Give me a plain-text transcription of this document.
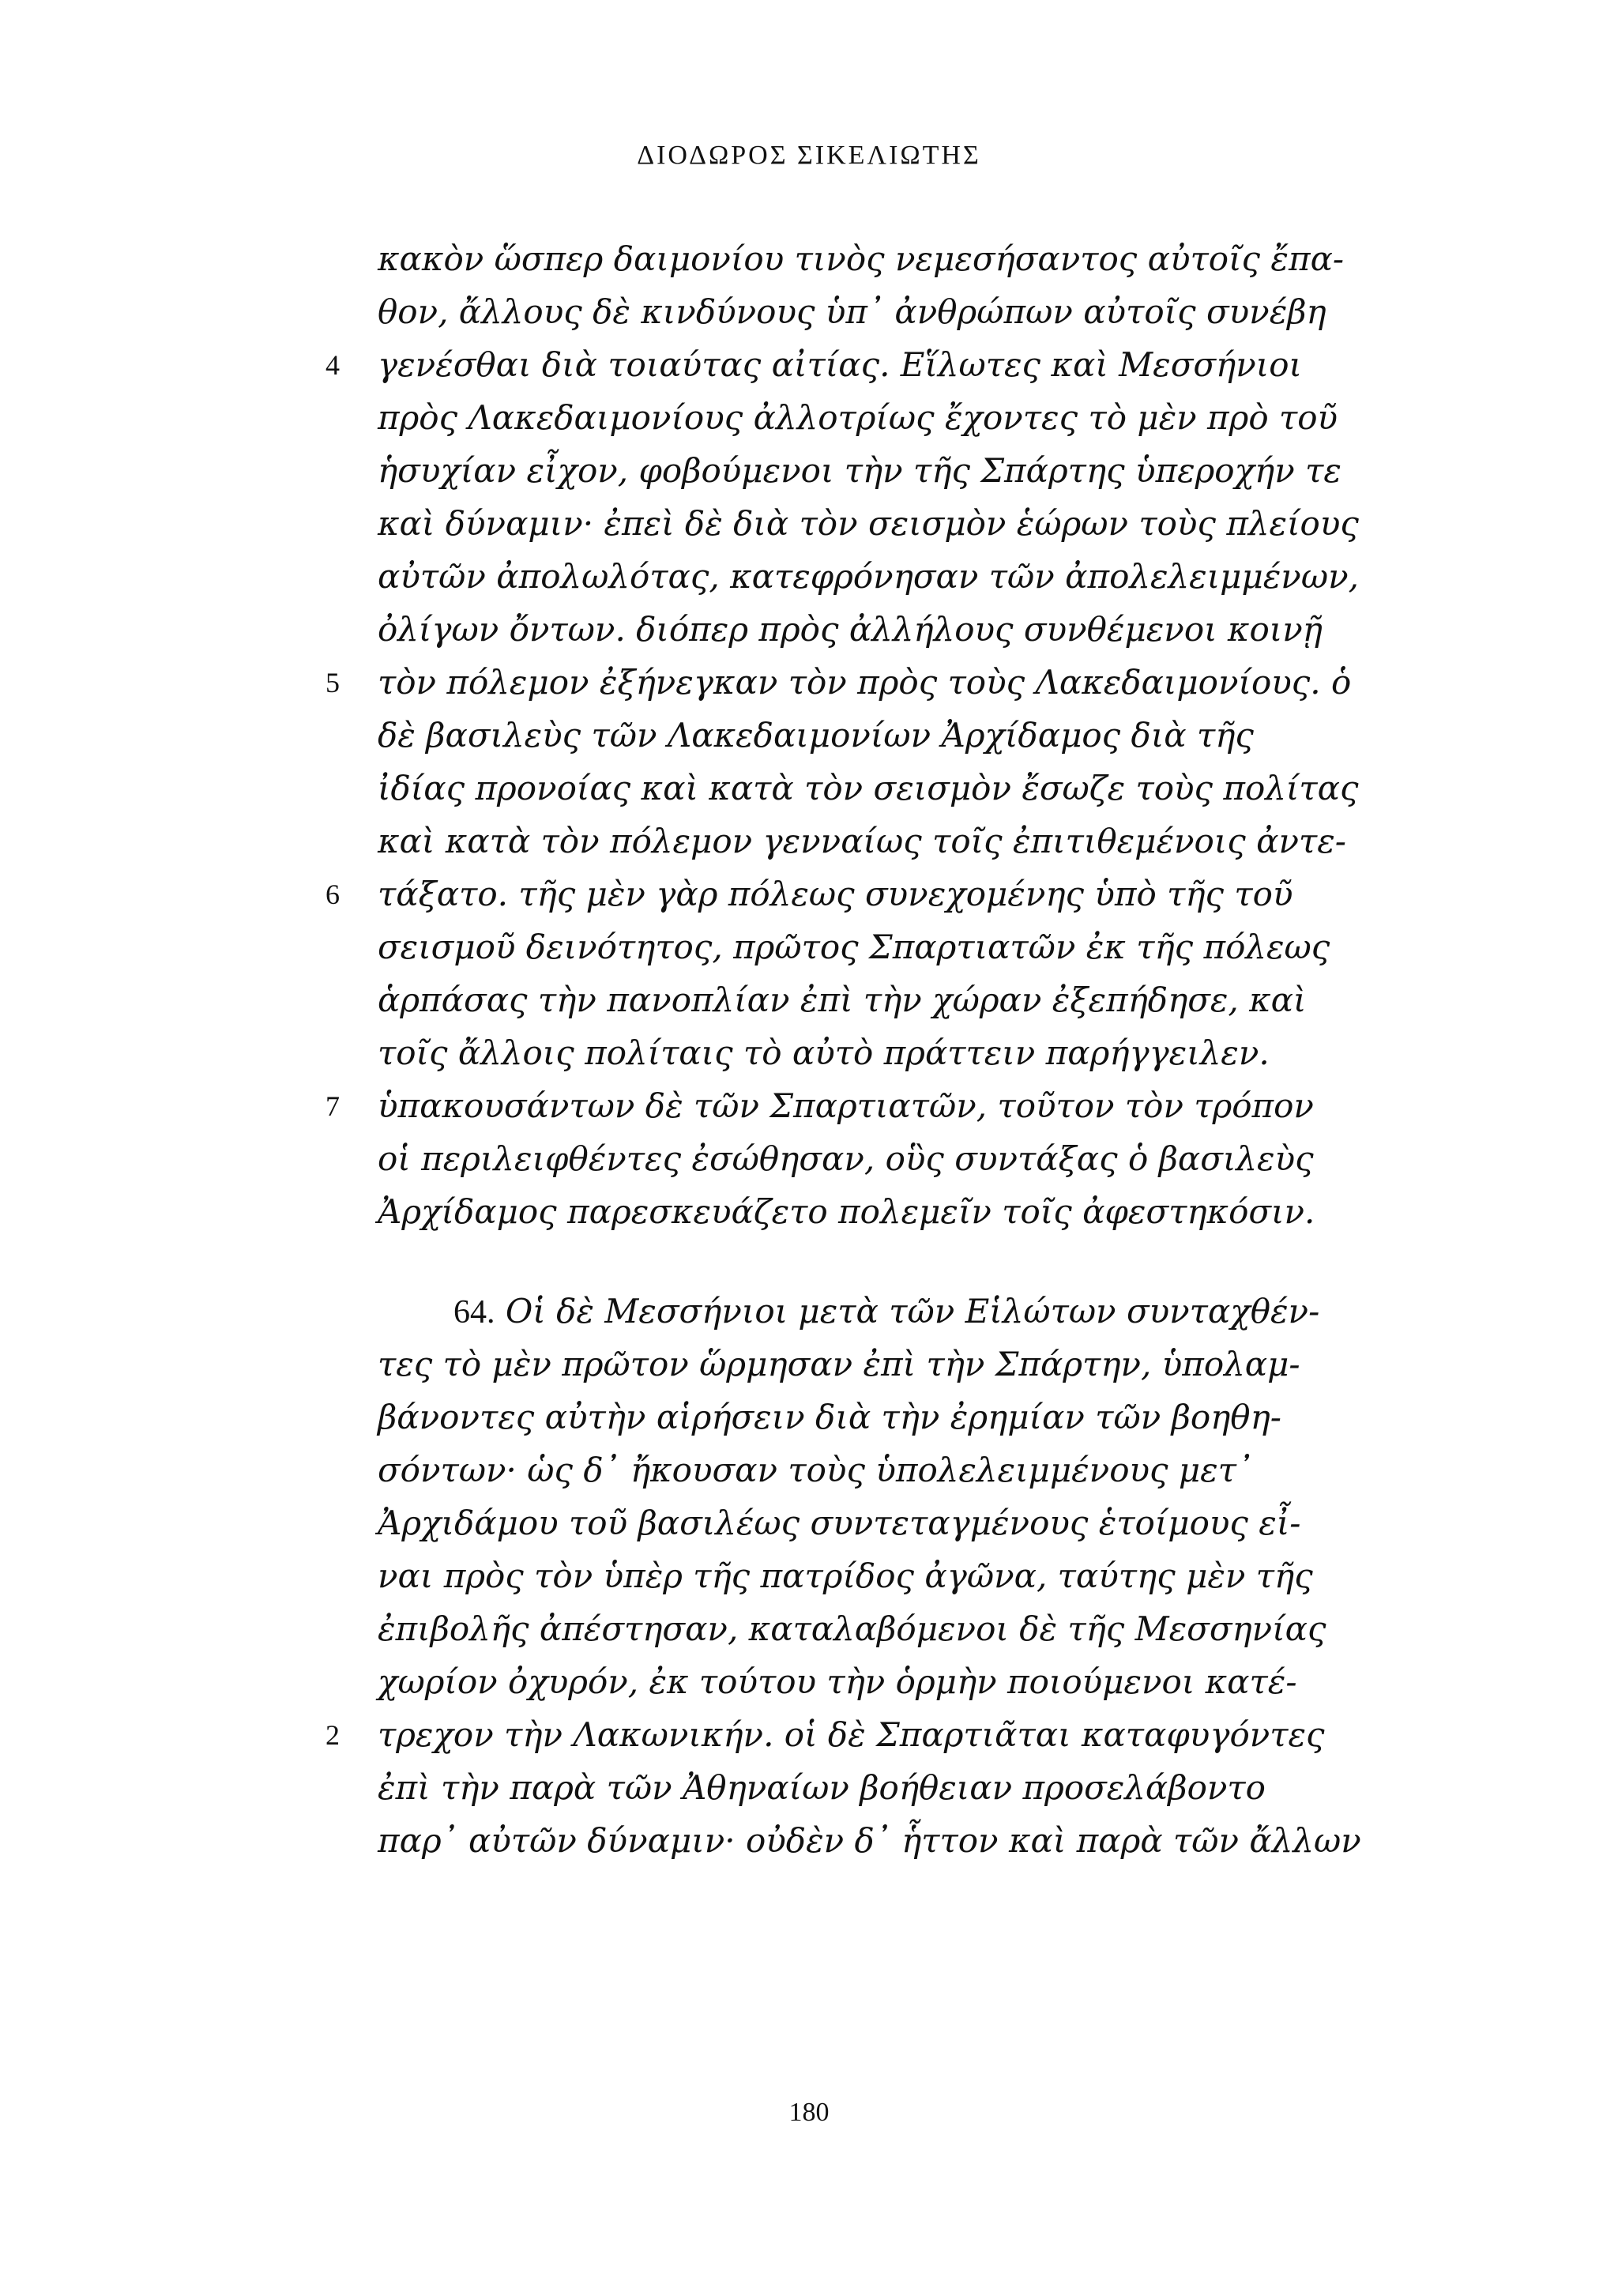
ΔΙΟΔΩΡΟΣ ΣΙΚΕΛΙΩΤΗΣ
κακὸν ὥσπερ δαιμονίου τινὸς νεμεσήσαντος αὐτοῖς ἔπα-
θον, ἄλλους δὲ κινδύνους ὑπ᾽ ἀνθρώπων αὐτοῖς συνέβη
γενέσθαι διὰ τοιαύτας αἰτίας. Εἵλωτες καὶ Μεσσήνιοι
πρὸς Λακεδαιμονίους ἀλλοτρίως ἔχοντες τὸ μὲν πρὸ τοῦ
ἡσυχίαν εἶχον, φοβούμενοι τὴν τῆς Σπάρτης ὑπεροχήν τε
καὶ δύναμιν· ἐπεὶ δὲ διὰ τὸν σεισμὸν ἑώρων τοὺς πλείους
αὐτῶν ἀπολωλότας, κατεφρόνησαν τῶν ἀπολελειμμένων,
ὀλίγων ὄντων. διόπερ πρὸς ἀλλήλους συνθέμενοι κοινῇ
τὸν πόλεμον ἐξήνεγκαν τὸν πρὸς τοὺς Λακεδαιμονίους. ὁ
δὲ βασιλεὺς τῶν Λακεδαιμονίων Ἀρχίδαμος διὰ τῆς
ἰδίας προνοίας καὶ κατὰ τὸν σεισμὸν ἔσωζε τοὺς πολίτας
καὶ κατὰ τὸν πόλεμον γενναίως τοῖς ἐπιτιθεμένοις ἀντε-
τάξατο. τῆς μὲν γὰρ πόλεως συνεχομένης ὑπὸ τῆς τοῦ
σεισμοῦ δεινότητος, πρῶτος Σπαρτιατῶν ἐκ τῆς πόλεως
ἁρπάσας τὴν πανοπλίαν ἐπὶ τὴν χώραν ἐξεπήδησε, καὶ
τοῖς ἄλλοις πολίταις τὸ αὐτὸ πράττειν παρήγγειλεν.
ὑπακουσάντων δὲ τῶν Σπαρτιατῶν, τοῦτον τὸν τρόπον
οἱ περιλειφθέντες ἐσώθησαν, οὓς συντάξας ὁ βασιλεὺς
Ἀρχίδαμος παρεσκευάζετο πολεμεῖν τοῖς ἀφεστηκόσιν.
64. Οἱ δὲ Μεσσήνιοι μετὰ τῶν Εἱλώτων συνταχθέν-
τες τὸ μὲν πρῶτον ὥρμησαν ἐπὶ τὴν Σπάρτην, ὑπολαμ-
βάνοντες αὐτὴν αἱρήσειν διὰ τὴν ἐρημίαν τῶν βοηθη-
σόντων· ὡς δ᾽ ἤκουσαν τοὺς ὑπολελειμμένους μετ᾽
Ἀρχιδάμου τοῦ βασιλέως συντεταγμένους ἑτοίμους εἶ-
ναι πρὸς τὸν ὑπὲρ τῆς πατρίδος ἀγῶνα, ταύτης μὲν τῆς
ἐπιβολῆς ἀπέστησαν, καταλαβόμενοι δὲ τῆς Μεσσηνίας
χωρίον ὀχυρόν, ἐκ τούτου τὴν ὁρμὴν ποιούμενοι κατέ-
τρεχον τὴν Λακωνικήν. οἱ δὲ Σπαρτιᾶται καταφυγόντες
ἐπὶ τὴν παρὰ τῶν Ἀθηναίων βοήθειαν προσελάβοντο
παρ᾽ αὐτῶν δύναμιν· οὐδὲν δ᾽ ἧττον καὶ παρὰ τῶν ἄλλων
4
5
6
7
2
180
